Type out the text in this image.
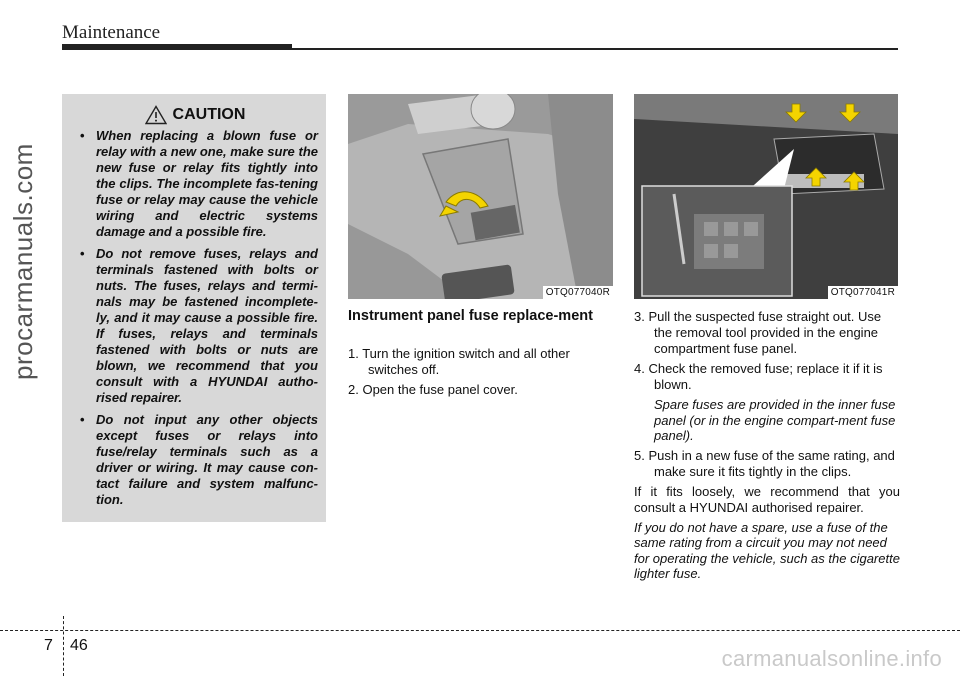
Maintenance
procarmanuals.com
CAUTION
• When replacing a blown fuse or relay with a new one, make sure the new fuse or relay fits tightly into the clips. The incomplete fas-tening fuse or relay may cause the vehicle wiring and electric systems damage and a possible fire.
• Do not remove fuses, relays and terminals fastened with bolts or nuts. The fuses, relays and termi-nals may be fastened incomplete-ly, and it may cause a possible fire. If fuses, relays and terminals fastened with bolts or nuts are blown, we recommend that you consult with a HYUNDAI autho-rised repairer.
• Do not input any other objects except fuses or relays into fuse/relay terminals such as a driver or wiring. It may cause con-tact failure and system malfunc-tion.
OTQ077040R	OTQ077041R
Instrument panel fuse replace-ment
1. Turn the ignition switch and all other switches off.
2. Open the fuse panel cover.
3. Pull the suspected fuse straight out. Use the removal tool provided in the engine compartment fuse panel.
4. Check the removed fuse; replace it if it is blown.
Spare fuses are provided in the inner fuse panel (or in the engine compart-ment fuse panel).
5. Push in a new fuse of the same rating, and make sure it fits tightly in the clips.
If it fits loosely, we recommend that you consult a HYUNDAI authorised repairer.
If you do not have a spare, use a fuse of the same rating from a circuit you may not need for operating the vehicle, such as the cigarette lighter fuse.
7 46
carmanualsonline.info
